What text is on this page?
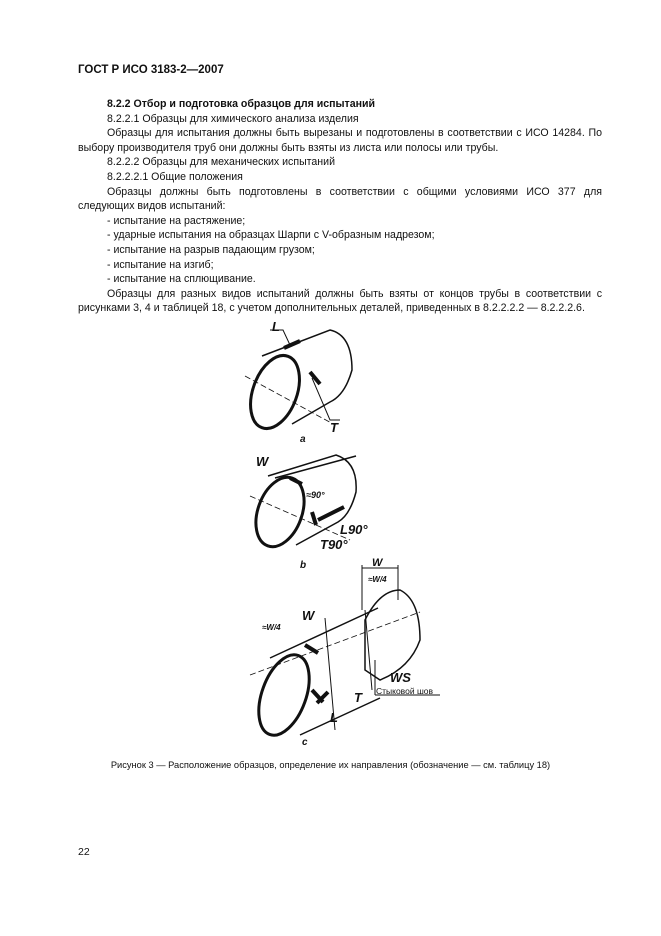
ГОСТ Р ИСО 3183-2—2007

8.2.2 Отбор и подготовка образцов для испытаний

8.2.2.1 Образцы для химического анализа изделия

Образцы для испытания должны быть вырезаны и подготовлены в соответствии с ИСО 14284. По выбору производителя труб они должны быть взяты из листа или полосы или трубы.

8.2.2.2 Образцы для механических испытаний

8.2.2.2.1 Общие положения

Образцы должны быть подготовлены в соответствии с общими условиями ИСО 377 для следующих видов испытаний:

- испытание на растяжение;

- ударные испытания на образцах Шарпи с V-образным надрезом;

- испытание на разрыв падающим грузом;

- испытание на изгиб;

- испытание на сплющивание.

Образцы для разных видов испытаний должны быть взяты от концов трубы в соответствии с рисунками 3, 4 и таблицей 18, с учетом дополнительных деталей, приведенных в 8.2.2.2.2 — 8.2.2.2.6.

L
T
a
W
≈90°
L90°
T90°
b	W
≈W/4
W
≈W/4
WS
Стыковой шов
T
L
c
Рисунок 3 — Расположение образцов, определение их направления (обозначение — см. таблицу 18)
22
